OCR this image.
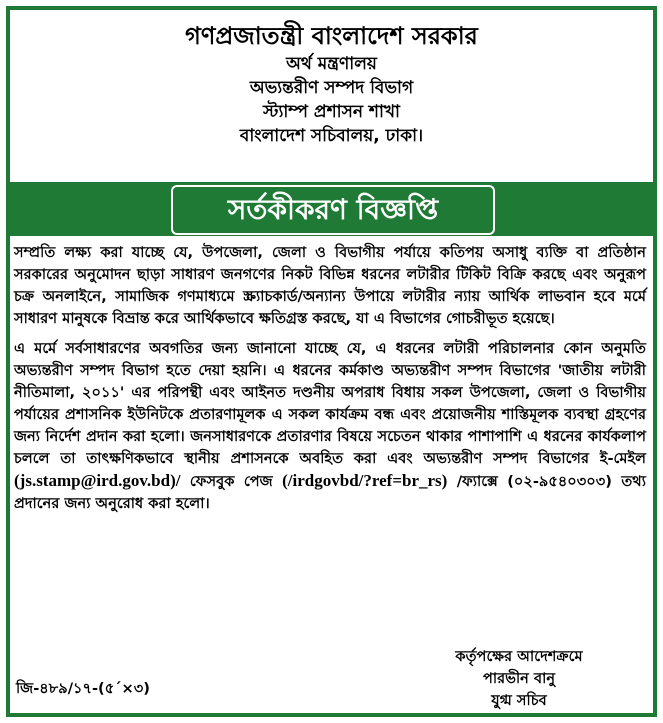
গণপ্রজাতন্ত্রী বাংলাদেশ সরকার
অর্থ মন্ত্রণালয়
অভ্যন্তরীণ সম্পদ বিভাগ
স্ট্যাম্প প্রশাসন শাখা
বাংলাদেশ সচিবালয়, ঢাকা।
সর্তকীকরণ বিজ্ঞপ্তি

সম্প্রতি লক্ষ্য করা যাচ্ছে যে, উপজেলা, জেলা ও বিভাগীয় পর্যায়ে কতিপয় অসাধু ব্যক্তি বা প্রতিষ্ঠান সরকারের অনুমোদন ছাড়া সাধারণ জনগণের নিকট বিভিন্ন ধরনের লটারীর টিকিট বিক্রি করছে এবং অনুরূপ চক্র অনলাইনে, সামাজিক গণমাধ্যমে স্ক্র্যাচকার্ড/অন্যান্য উপায়ে লটারীর ন্যায় আর্থিক লাভবান হবে মর্মে সাধারণ মানুষকে বিভ্রান্ত করে আর্থিকভাবে ক্ষতিগ্রস্ত করছে, যা এ বিভাগের গোচরীভূত হয়েছে।

এ মর্মে সর্বসাধারণের অবগতির জন্য জানানো যাচ্ছে যে, এ ধরনের লটারী পরিচালনার কোন অনুমতি অভ্যন্তরীণ সম্পদ বিভাগ হতে দেয়া হয়নি। এ ধরনের কর্মকাণ্ড অভ্যন্তরীণ সম্পদ বিভাগের 'জাতীয় লটারী নীতিমালা, ২০১১' এর পরিপন্থী এবং আইনত দণ্ডনীয় অপরাধ বিধায় সকল উপজেলা, জেলা ও বিভাগীয় পর্যায়ের প্রশাসনিক ইউনিটকে প্রতারণামূলক এ সকল কার্যক্রম বন্ধ এবং প্রয়োজনীয় শাস্তিমূলক ব্যবস্থা গ্রহণের জন্য নির্দেশ প্রদান করা হলো। জনসাধারণকে প্রতারণার বিষয়ে সচেতন থাকার পাশাপাশি এ ধরনের কার্যকলাপ চললে তা তাৎক্ষণিকভাবে স্থানীয় প্রশাসনকে অবহিত করা এবং অভ্যন্তরীণ সম্পদ বিভাগের ই-মেইল (js.stamp@ird.gov.bd)/ ফেসবুক পেজ (/irdgovbd/?ref=br_rs) /ফ্যাক্সে (০২-৯৫৪০৩০৩) তথ্য প্রদানের জন্য অনুরোধ করা হলো।

কর্তৃপক্ষের আদেশক্রমে
পারভীন বানু
যুগ্ম সচিব
জি-৪৮৯/১৭-(৫´×৩)
